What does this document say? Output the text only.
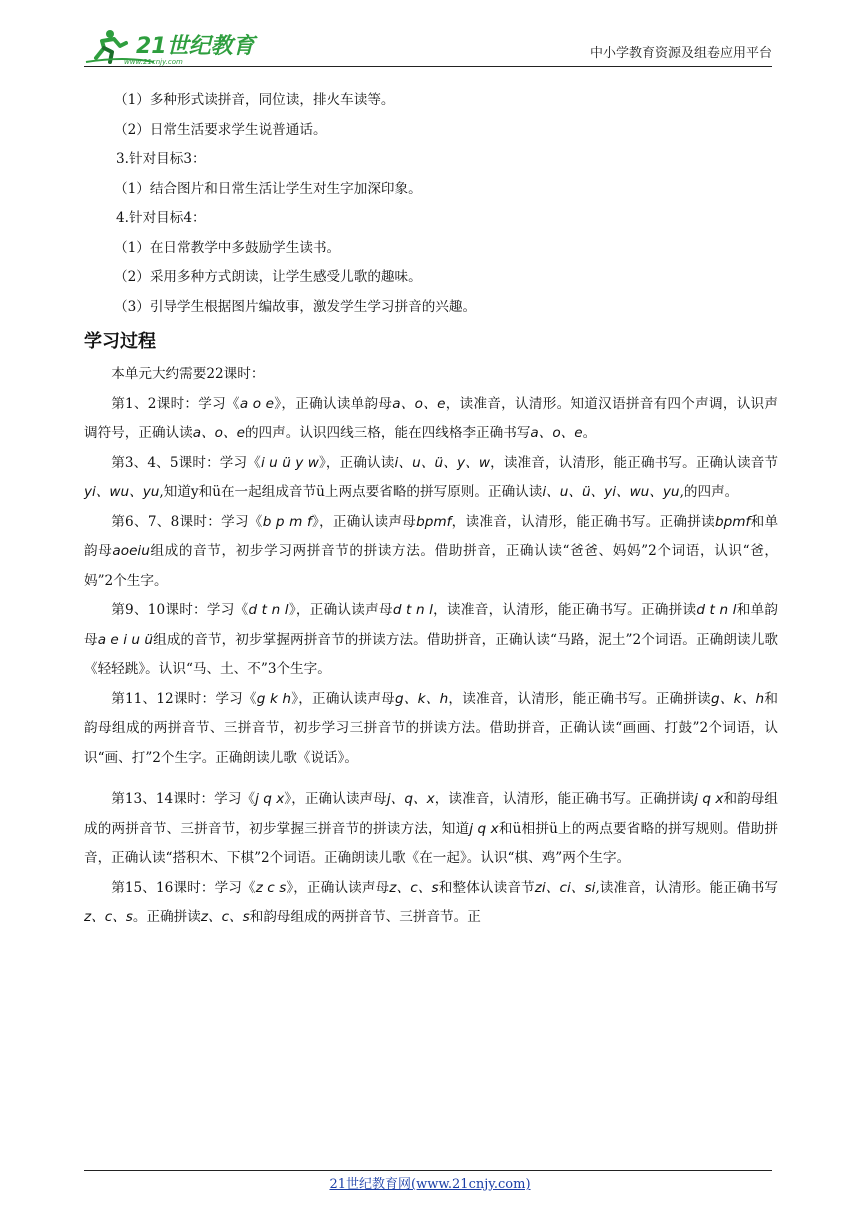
21世纪教育
www.21cnjy.com
中小学教育资源及组卷应用平台

（1）多种形式读拼音，同位读，排火车读等。

（2）日常生活要求学生说普通话。

3.针对目标3：

（1）结合图片和日常生活让学生对生字加深印象。

4.针对目标4：

（1）在日常教学中多鼓励学生读书。

（2）采用多种方式朗读，让学生感受儿歌的趣味。

（3）引导学生根据图片编故事，激发学生学习拼音的兴趣。

学习过程

本单元大约需要22课时：

第1、2课时：学习《a o e》，正确认读单韵母a、o、e，读准音，认清形。知道汉语拼音有四个声调，认识声调符号，正确认读a、o、e的四声。认识四线三格，能在四线格李正确书写a、o、e。

第3、4、5课时：学习《i u ü y w》，正确认读i、u、ü、y、w，读准音，认清形，能正确书写。正确认读音节yi、wu、yu,知道y和ü在一起组成音节ü上两点要省略的拼写原则。正确认读i、u、ü、yi、wu、yu,的四声。

第6、7、8课时：学习《b p m f》，正确认读声母bpmf，读准音，认清形，能正确书写。正确拼读bpmf和单韵母aoeiu组成的音节，初步学习两拼音节的拼读方法。借助拼音，正确认读“爸爸、妈妈”2个词语，认识“爸，妈”2个生字。

第9、10课时：学习《d t n l》，正确认读声母d t n l，读准音，认清形，能正确书写。正确拼读d t n l和单韵母a e i u ü组成的音节，初步掌握两拼音节的拼读方法。借助拼音，正确认读“马路，泥土”2个词语。正确朗读儿歌《轻轻跳》。认识“马、土、不”3个生字。

第11、12课时：学习《g k h》，正确认读声母g、k、h，读准音，认清形，能正确书写。正确拼读g、k、h和韵母组成的两拼音节、三拼音节，初步学习三拼音节的拼读方法。借助拼音，正确认读“画画、打鼓”2个词语，认识“画、打”2个生字。正确朗读儿歌《说话》。

第13、14课时：学习《j q x》，正确认读声母j、q、x，读准音，认清形，能正确书写。正确拼读j q x和韵母组成的两拼音节、三拼音节，初步掌握三拼音节的拼读方法，知道j q x和ü相拼ü上的两点要省略的拼写规则。借助拼音，正确认读“搭积木、下棋”2个词语。正确朗读儿歌《在一起》。认识“棋、鸡”两个生字。

第15、16课时：学习《z c s》，正确认读声母z、c、s和整体认读音节zi、ci、si,读准音，认清形。能正确书写z、c、s。正确拼读z、c、s和韵母组成的两拼音节、三拼音节。正

21世纪教育网(www.21cnjy.com)
